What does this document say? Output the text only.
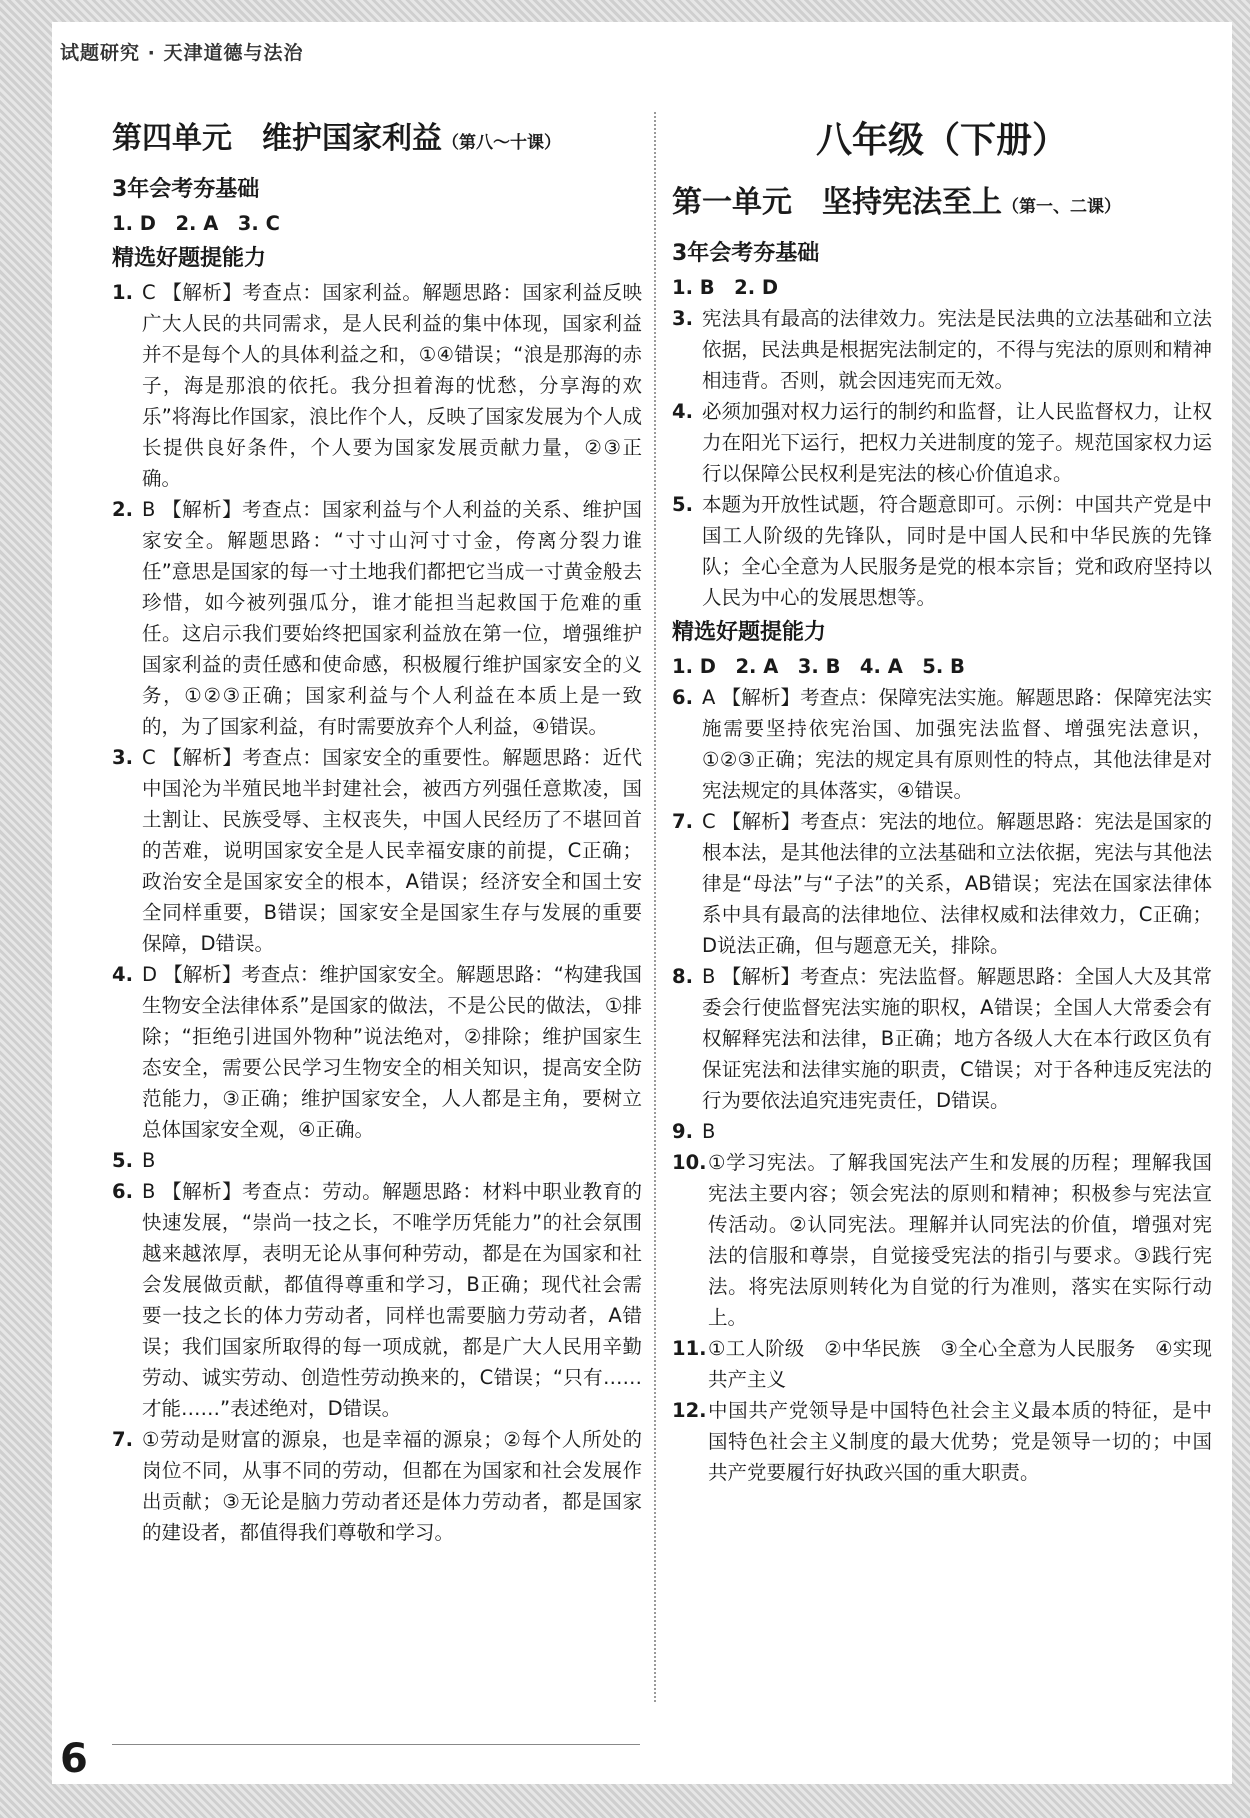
试题研究 · 天津道德与法治
第四单元　维护国家利益（第八～十课）
3年会考夯基础
1. D　2. A　3. C
精选好题提能力
1. C 【解析】考查点：国家利益。解题思路：国家利益反映广大人民的共同需求，是人民利益的集中体现，国家利益并不是每个人的具体利益之和，①④错误；“浪是那海的赤子，海是那浪的依托。我分担着海的忧愁，分享海的欢乐”将海比作国家，浪比作个人，反映了国家发展为个人成长提供良好条件，个人要为国家发展贡献力量，②③正确。
2. B 【解析】考查点：国家利益与个人利益的关系、维护国家安全。解题思路：“寸寸山河寸寸金，侉离分裂力谁任”意思是国家的每一寸土地我们都把它当成一寸黄金般去珍惜，如今被列强瓜分，谁才能担当起救国于危难的重任。这启示我们要始终把国家利益放在第一位，增强维护国家利益的责任感和使命感，积极履行维护国家安全的义务，①②③正确；国家利益与个人利益在本质上是一致的，为了国家利益，有时需要放弃个人利益，④错误。
3. C 【解析】考查点：国家安全的重要性。解题思路：近代中国沦为半殖民地半封建社会，被西方列强任意欺凌，国土割让、民族受辱、主权丧失，中国人民经历了不堪回首的苦难，说明国家安全是人民幸福安康的前提，C正确；政治安全是国家安全的根本，A错误；经济安全和国土安全同样重要，B错误；国家安全是国家生存与发展的重要保障，D错误。
4. D 【解析】考查点：维护国家安全。解题思路：“构建我国生物安全法律体系”是国家的做法，不是公民的做法，①排除；“拒绝引进国外物种”说法绝对，②排除；维护国家生态安全，需要公民学习生物安全的相关知识，提高安全防范能力，③正确；维护国家安全，人人都是主角，要树立总体国家安全观，④正确。
5. B
6. B 【解析】考查点：劳动。解题思路：材料中职业教育的快速发展，“崇尚一技之长，不唯学历凭能力”的社会氛围越来越浓厚，表明无论从事何种劳动，都是在为国家和社会发展做贡献，都值得尊重和学习，B正确；现代社会需要一技之长的体力劳动者，同样也需要脑力劳动者，A错误；我们国家所取得的每一项成就，都是广大人民用辛勤劳动、诚实劳动、创造性劳动换来的，C错误；“只有……才能……”表述绝对，D错误。
7. ①劳动是财富的源泉，也是幸福的源泉；②每个人所处的岗位不同，从事不同的劳动，但都在为国家和社会发展作出贡献；③无论是脑力劳动者还是体力劳动者，都是国家的建设者，都值得我们尊敬和学习。
八年级（下册）
第一单元　坚持宪法至上（第一、二课）
3年会考夯基础
1. B　2. D
3. 宪法具有最高的法律效力。宪法是民法典的立法基础和立法依据，民法典是根据宪法制定的，不得与宪法的原则和精神相违背。否则，就会因违宪而无效。
4. 必须加强对权力运行的制约和监督，让人民监督权力，让权力在阳光下运行，把权力关进制度的笼子。规范国家权力运行以保障公民权利是宪法的核心价值追求。
5. 本题为开放性试题，符合题意即可。示例：中国共产党是中国工人阶级的先锋队，同时是中国人民和中华民族的先锋队；全心全意为人民服务是党的根本宗旨；党和政府坚持以人民为中心的发展思想等。
精选好题提能力
1. D　2. A　3. B　4. A　5. B
6. A 【解析】考查点：保障宪法实施。解题思路：保障宪法实施需要坚持依宪治国、加强宪法监督、增强宪法意识，①②③正确；宪法的规定具有原则性的特点，其他法律是对宪法规定的具体落实，④错误。
7. C 【解析】考查点：宪法的地位。解题思路：宪法是国家的根本法，是其他法律的立法基础和立法依据，宪法与其他法律是“母法”与“子法”的关系，AB错误；宪法在国家法律体系中具有最高的法律地位、法律权威和法律效力，C正确；D说法正确，但与题意无关，排除。
8. B 【解析】考查点：宪法监督。解题思路：全国人大及其常委会行使监督宪法实施的职权，A错误；全国人大常委会有权解释宪法和法律，B正确；地方各级人大在本行政区负有保证宪法和法律实施的职责，C错误；对于各种违反宪法的行为要依法追究违宪责任，D错误。
9. B
10. ①学习宪法。了解我国宪法产生和发展的历程；理解我国宪法主要内容；领会宪法的原则和精神；积极参与宪法宣传活动。②认同宪法。理解并认同宪法的价值，增强对宪法的信服和尊崇，自觉接受宪法的指引与要求。③践行宪法。将宪法原则转化为自觉的行为准则，落实在实际行动上。
11. ①工人阶级　②中华民族　③全心全意为人民服务　④实现共产主义
12. 中国共产党领导是中国特色社会主义最本质的特征，是中国特色社会主义制度的最大优势；党是领导一切的；中国共产党要履行好执政兴国的重大职责。
6
